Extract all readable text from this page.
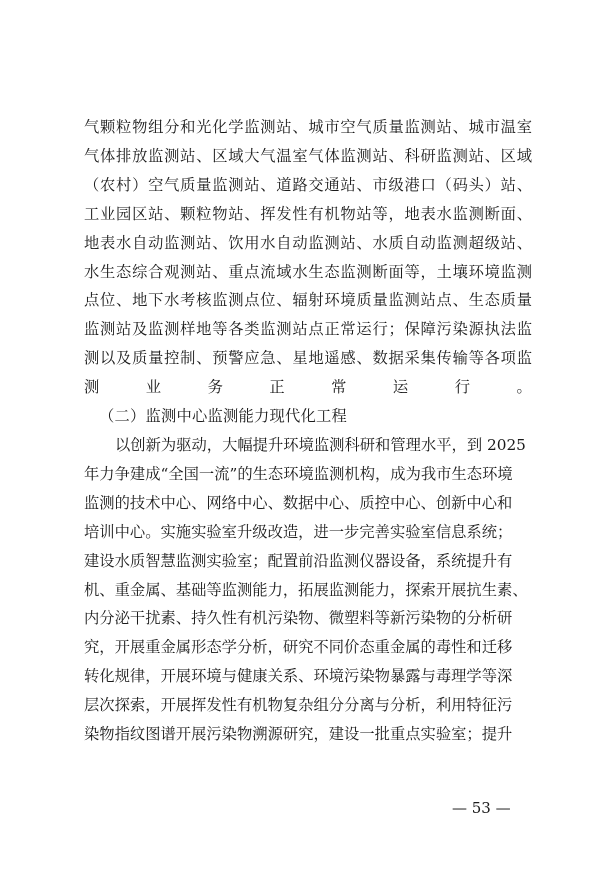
气颗粒物组分和光化学监测站、城市空气质量监测站、城市温室
气体排放监测站、区域大气温室气体监测站、科研监测站、区域
（农村）空气质量监测站、道路交通站、市级港口（码头）站、
工业园区站、颗粒物站、挥发性有机物站等，地表水监测断面、
地表水自动监测站、饮用水自动监测站、水质自动监测超级站、
水生态综合观测站、重点流域水生态监测断面等，土壤环境监测
点位、地下水考核监测点位、辐射环境质量监测站点、生态质量
监测站及监测样地等各类监测站点正常运行；保障污染源执法监
测以及质量控制、预警应急、星地遥感、数据采集传输等各项监
测业务正常运行。
（二）监测中心监测能力现代化工程
以创新为驱动，大幅提升环境监测科研和管理水平，到 2025
年力争建成“全国一流”的生态环境监测机构，成为我市生态环境
监测的技术中心、网络中心、数据中心、质控中心、创新中心和
培训中心。实施实验室升级改造，进一步完善实验室信息系统；
建设水质智慧监测实验室；配置前沿监测仪器设备，系统提升有
机、重金属、基础等监测能力，拓展监测能力，探索开展抗生素、
内分泌干扰素、持久性有机污染物、微塑料等新污染物的分析研
究，开展重金属形态学分析，研究不同价态重金属的毒性和迁移
转化规律，开展环境与健康关系、环境污染物暴露与毒理学等深
层次探索，开展挥发性有机物复杂组分分离与分析，利用特征污
染物指纹图谱开展污染物溯源研究，建设一批重点实验室；提升
— 53 —
